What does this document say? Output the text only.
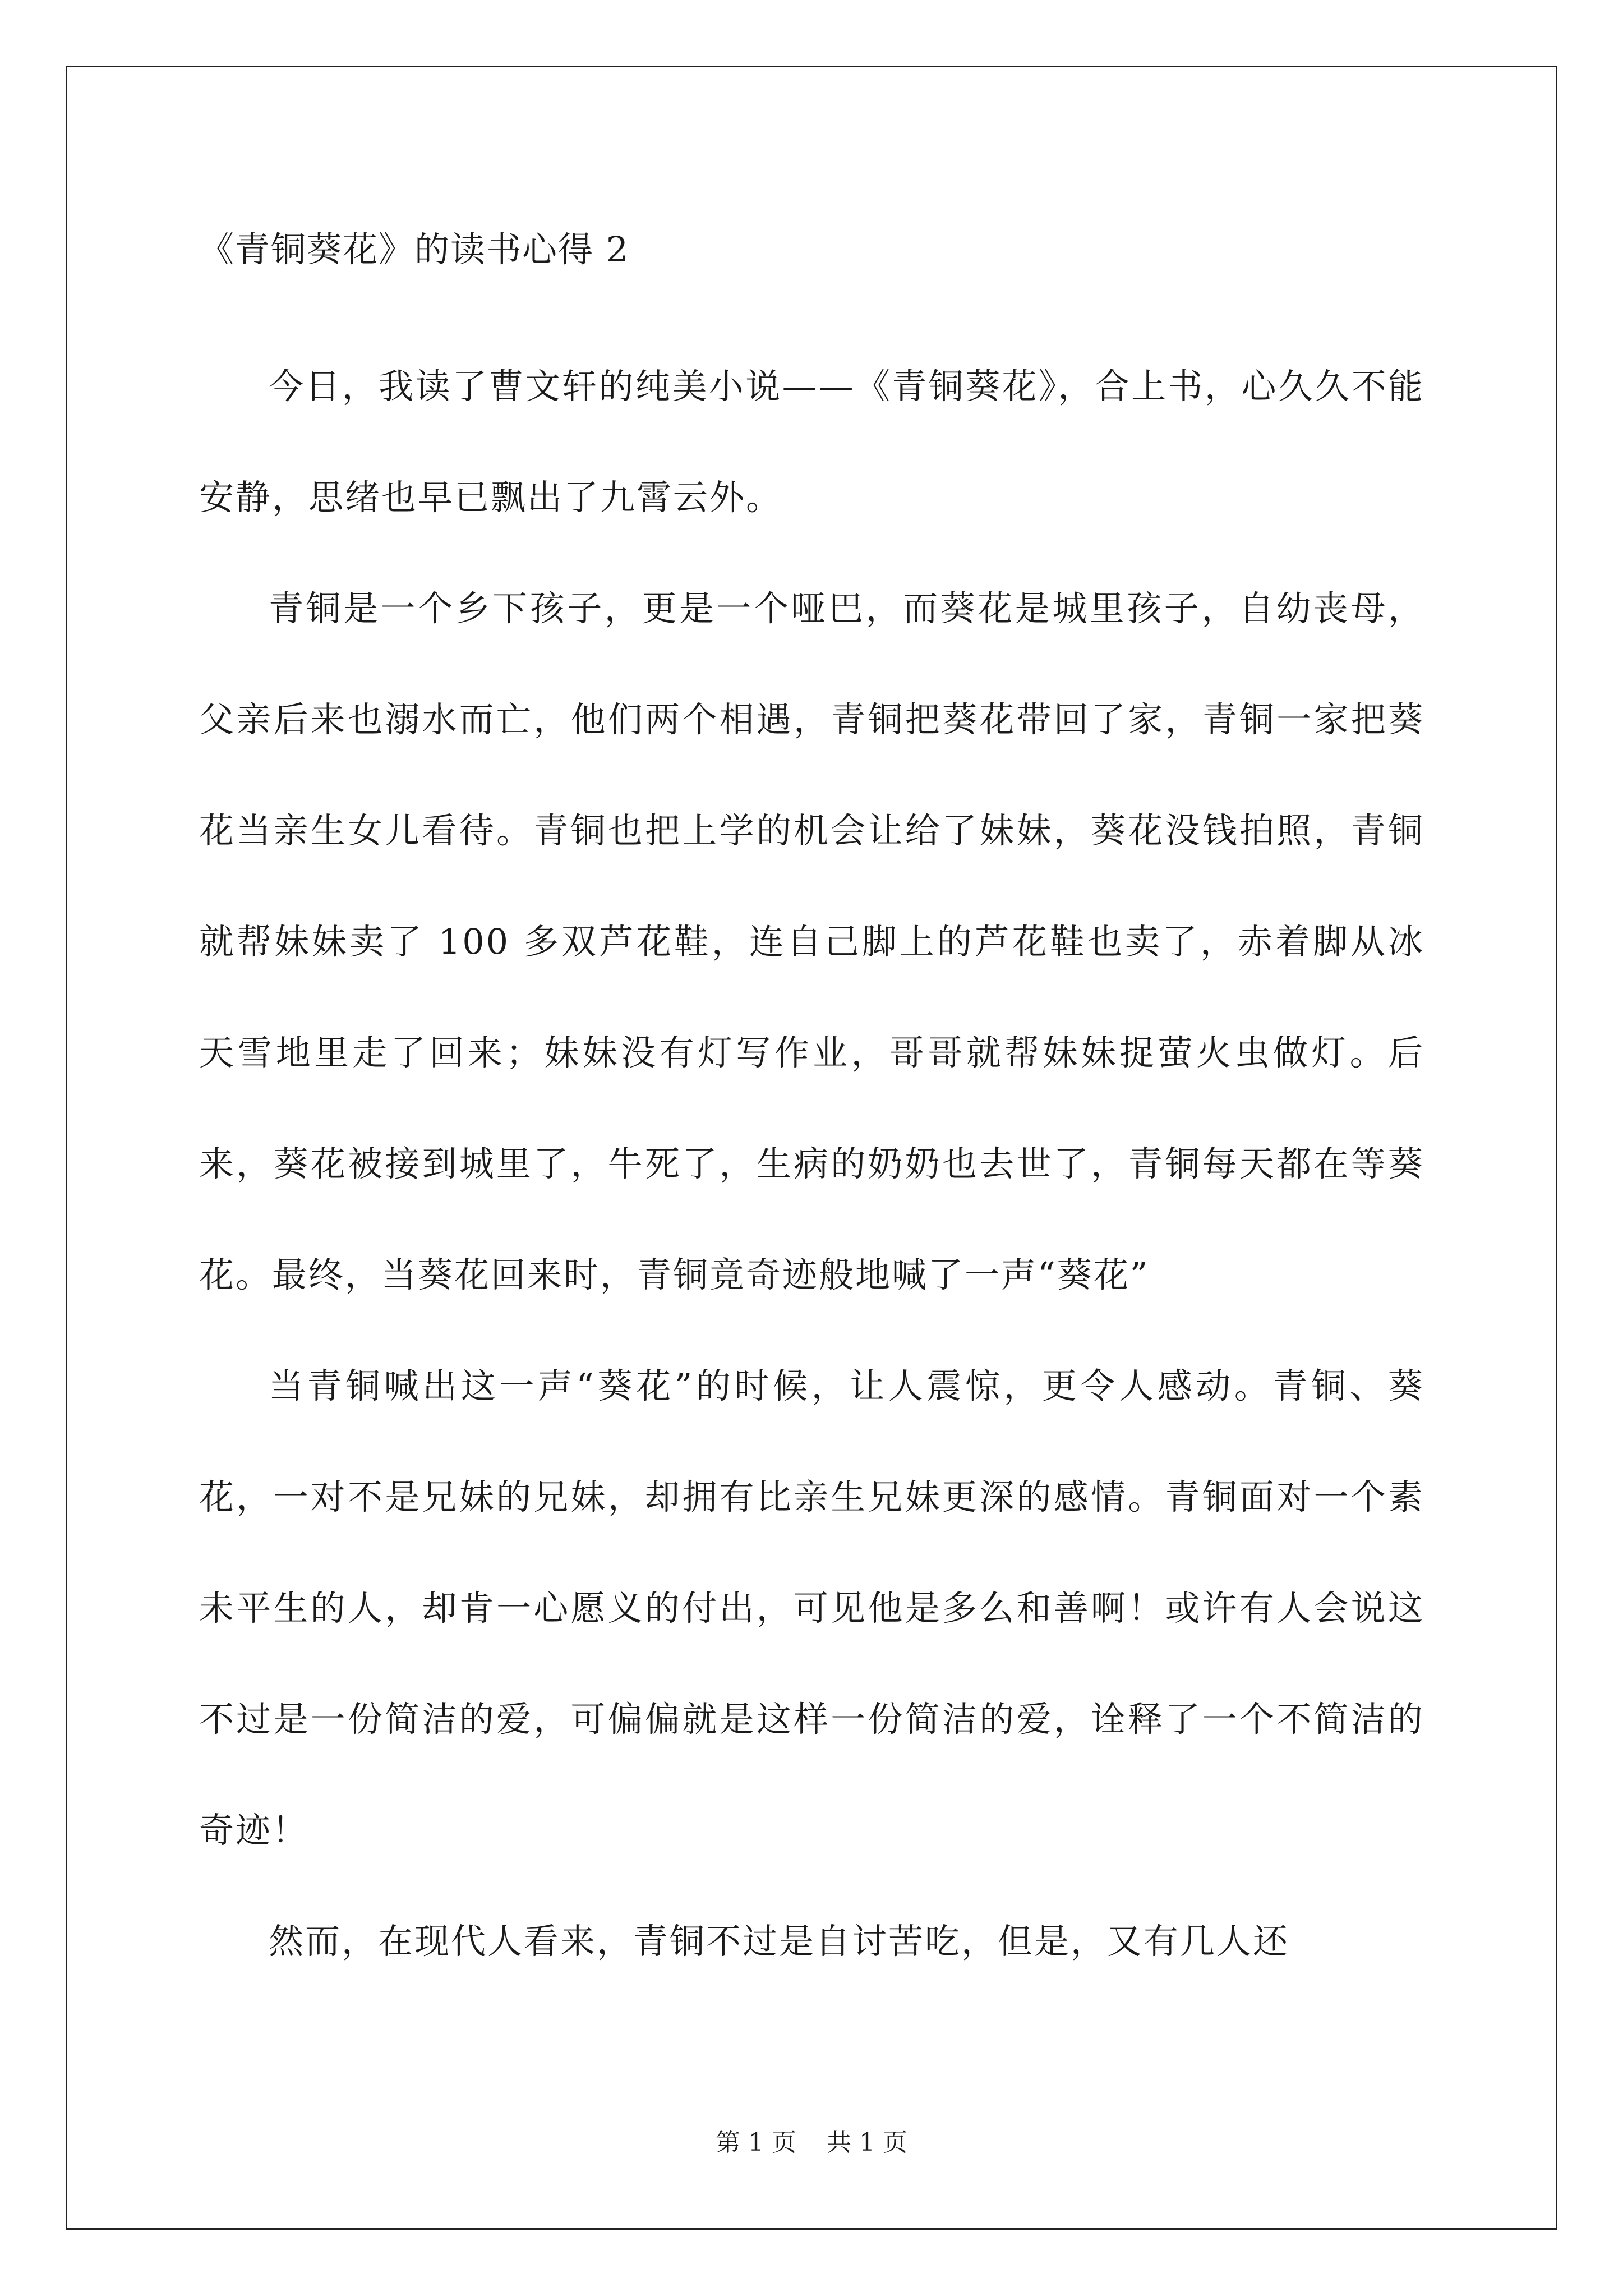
《青铜葵花》的读书心得 2

今日，我读了曹文轩的纯美小说——《青铜葵花》，合上书，心久久不能安静，思绪也早已飘出了九霄云外。

青铜是一个乡下孩子，更是一个哑巴，而葵花是城里孩子，自幼丧母，父亲后来也溺水而亡，他们两个相遇，青铜把葵花带回了家，青铜一家把葵花当亲生女儿看待。青铜也把上学的机会让给了妹妹，葵花没钱拍照，青铜就帮妹妹卖了 100 多双芦花鞋，连自己脚上的芦花鞋也卖了，赤着脚从冰天雪地里走了回来；妹妹没有灯写作业，哥哥就帮妹妹捉萤火虫做灯。后来，葵花被接到城里了，牛死了，生病的奶奶也去世了，青铜每天都在等葵花。最终，当葵花回来时，青铜竟奇迹般地喊了一声“葵花”

当青铜喊出这一声“葵花”的时候，让人震惊，更令人感动。青铜、葵花，一对不是兄妹的兄妹，却拥有比亲生兄妹更深的感情。青铜面对一个素未平生的人，却肯一心愿义的付出，可见他是多么和善啊！或许有人会说这不过是一份简洁的爱，可偏偏就是这样一份简洁的爱，诠释了一个不简洁的奇迹！

然而，在现代人看来，青铜不过是自讨苦吃，但是，又有几人还

第 1 页 共 1 页
